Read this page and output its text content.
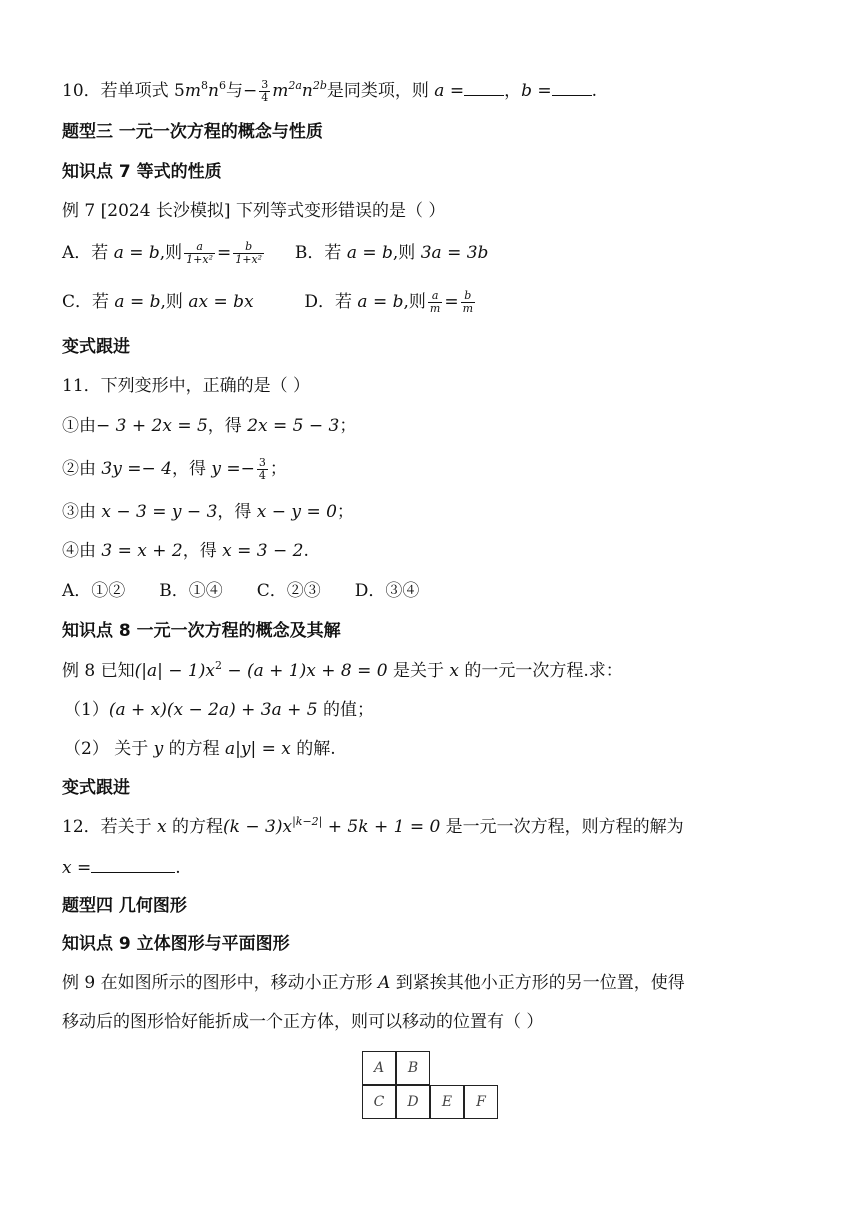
10．若单项式 $5m^8n^6$与− $\frac{3}{4} m^{2a}n^{2b}$是同类项，则 a = ，b = .
题型三 一元一次方程的概念与性质
知识点 7 等式的性质
例 7 [2024 长沙模拟] 下列等式变形错误的是（ ）
A．若 a = b,则 $\frac{a}{\text{1+x²}} = \frac{b}{\text{1+x²}}$ B．若 a = b,则 3a = 3b
C．若 a = b,则 ax = bx	D．若 a = b,则 $\frac{a}{m} = \frac{b}{m}$
变式跟进
11．下列变形中，正确的是（ ）
①由− 3 + 2x = 5，得 2x = 5 − 3；
②由 3y =− 4，得 $y =- \frac{3}{4}$ ；
③由 x − 3 = y − 3，得 x − y = 0；
④由 3 = x + 2，得 x = 3 − 2.
A．①② B．①④ C．②③ D．③④
知识点 8 一元一次方程的概念及其解
例 8 已知$(|a| - 1)x^2 - (a + 1)x + 8 = 0$ 是关于 x 的一元一次方程.求：
（1）(a + x)(x − 2a) + 3a + 5 的值；
（2） 关于 y 的方程 a|y| = x 的解.
变式跟进
12．若关于 x 的方程$(k - 3)x^{|k-2|} + 5k + 1 = 0$ 是一元一次方程，则方程的解为
x =	.
题型四 几何图形
知识点 9 立体图形与平面图形
例 9 在如图所示的图形中，移动小正方形 A 到紧挨其他小正方形的另一位置，使得
移动后的图形恰好能折成一个正方体，则可以移动的位置有（ ）
A	B
C	D	E	F
